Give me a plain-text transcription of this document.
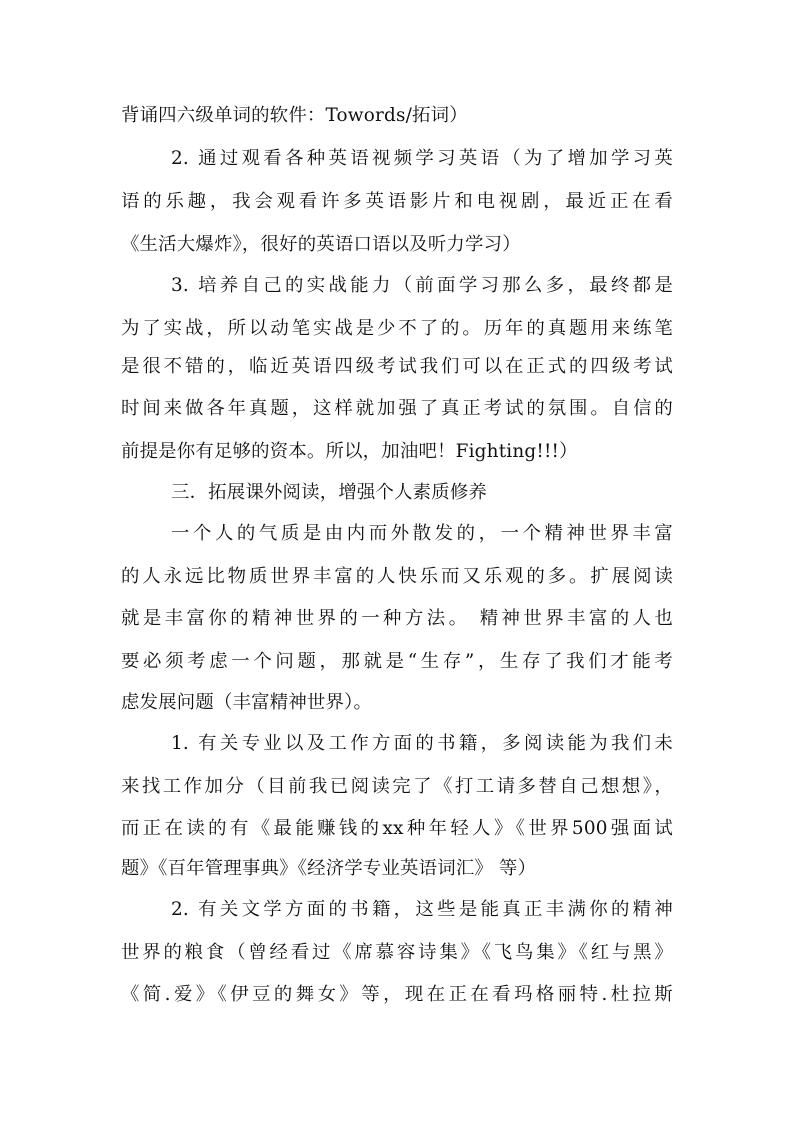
背诵四六级单词的软件：Towords/拓词）
2. 通过观看各种英语视频学习英语（为了增加学习英
语的乐趣，我会观看许多英语影片和电视剧，最近正在看
《生活大爆炸》，很好的英语口语以及听力学习）
3. 培养自己的实战能力（前面学习那么多，最终都是
为了实战，所以动笔实战是少不了的。历年的真题用来练笔
是很不错的，临近英语四级考试我们可以在正式的四级考试
时间来做各年真题，这样就加强了真正考试的氛围。自信的
前提是你有足够的资本。所以，加油吧！Fighting!!!）
三．拓展课外阅读，增强个人素质修养
一个人的气质是由内而外散发的，一个精神世界丰富
的人永远比物质世界丰富的人快乐而又乐观的多。扩展阅读
就是丰富你的精神世界的一种方法。 精神世界丰富的人也
要必须考虑一个问题，那就是“生存”，生存了我们才能考
虑发展问题（丰富精神世界）。
1. 有关专业以及工作方面的书籍，多阅读能为我们未
来找工作加分（目前我已阅读完了《打工请多替自己想想》，
而正在读的有《最能赚钱的xx种年轻人》《世界500强面试
题》《百年管理事典》《经济学专业英语词汇》 等）
2. 有关文学方面的书籍，这些是能真正丰满你的精神
世界的粮食（曾经看过《席慕容诗集》《飞鸟集》《红与黑》
《简.爱》《伊豆的舞女》等，现在正在看玛格丽特.杜拉斯
